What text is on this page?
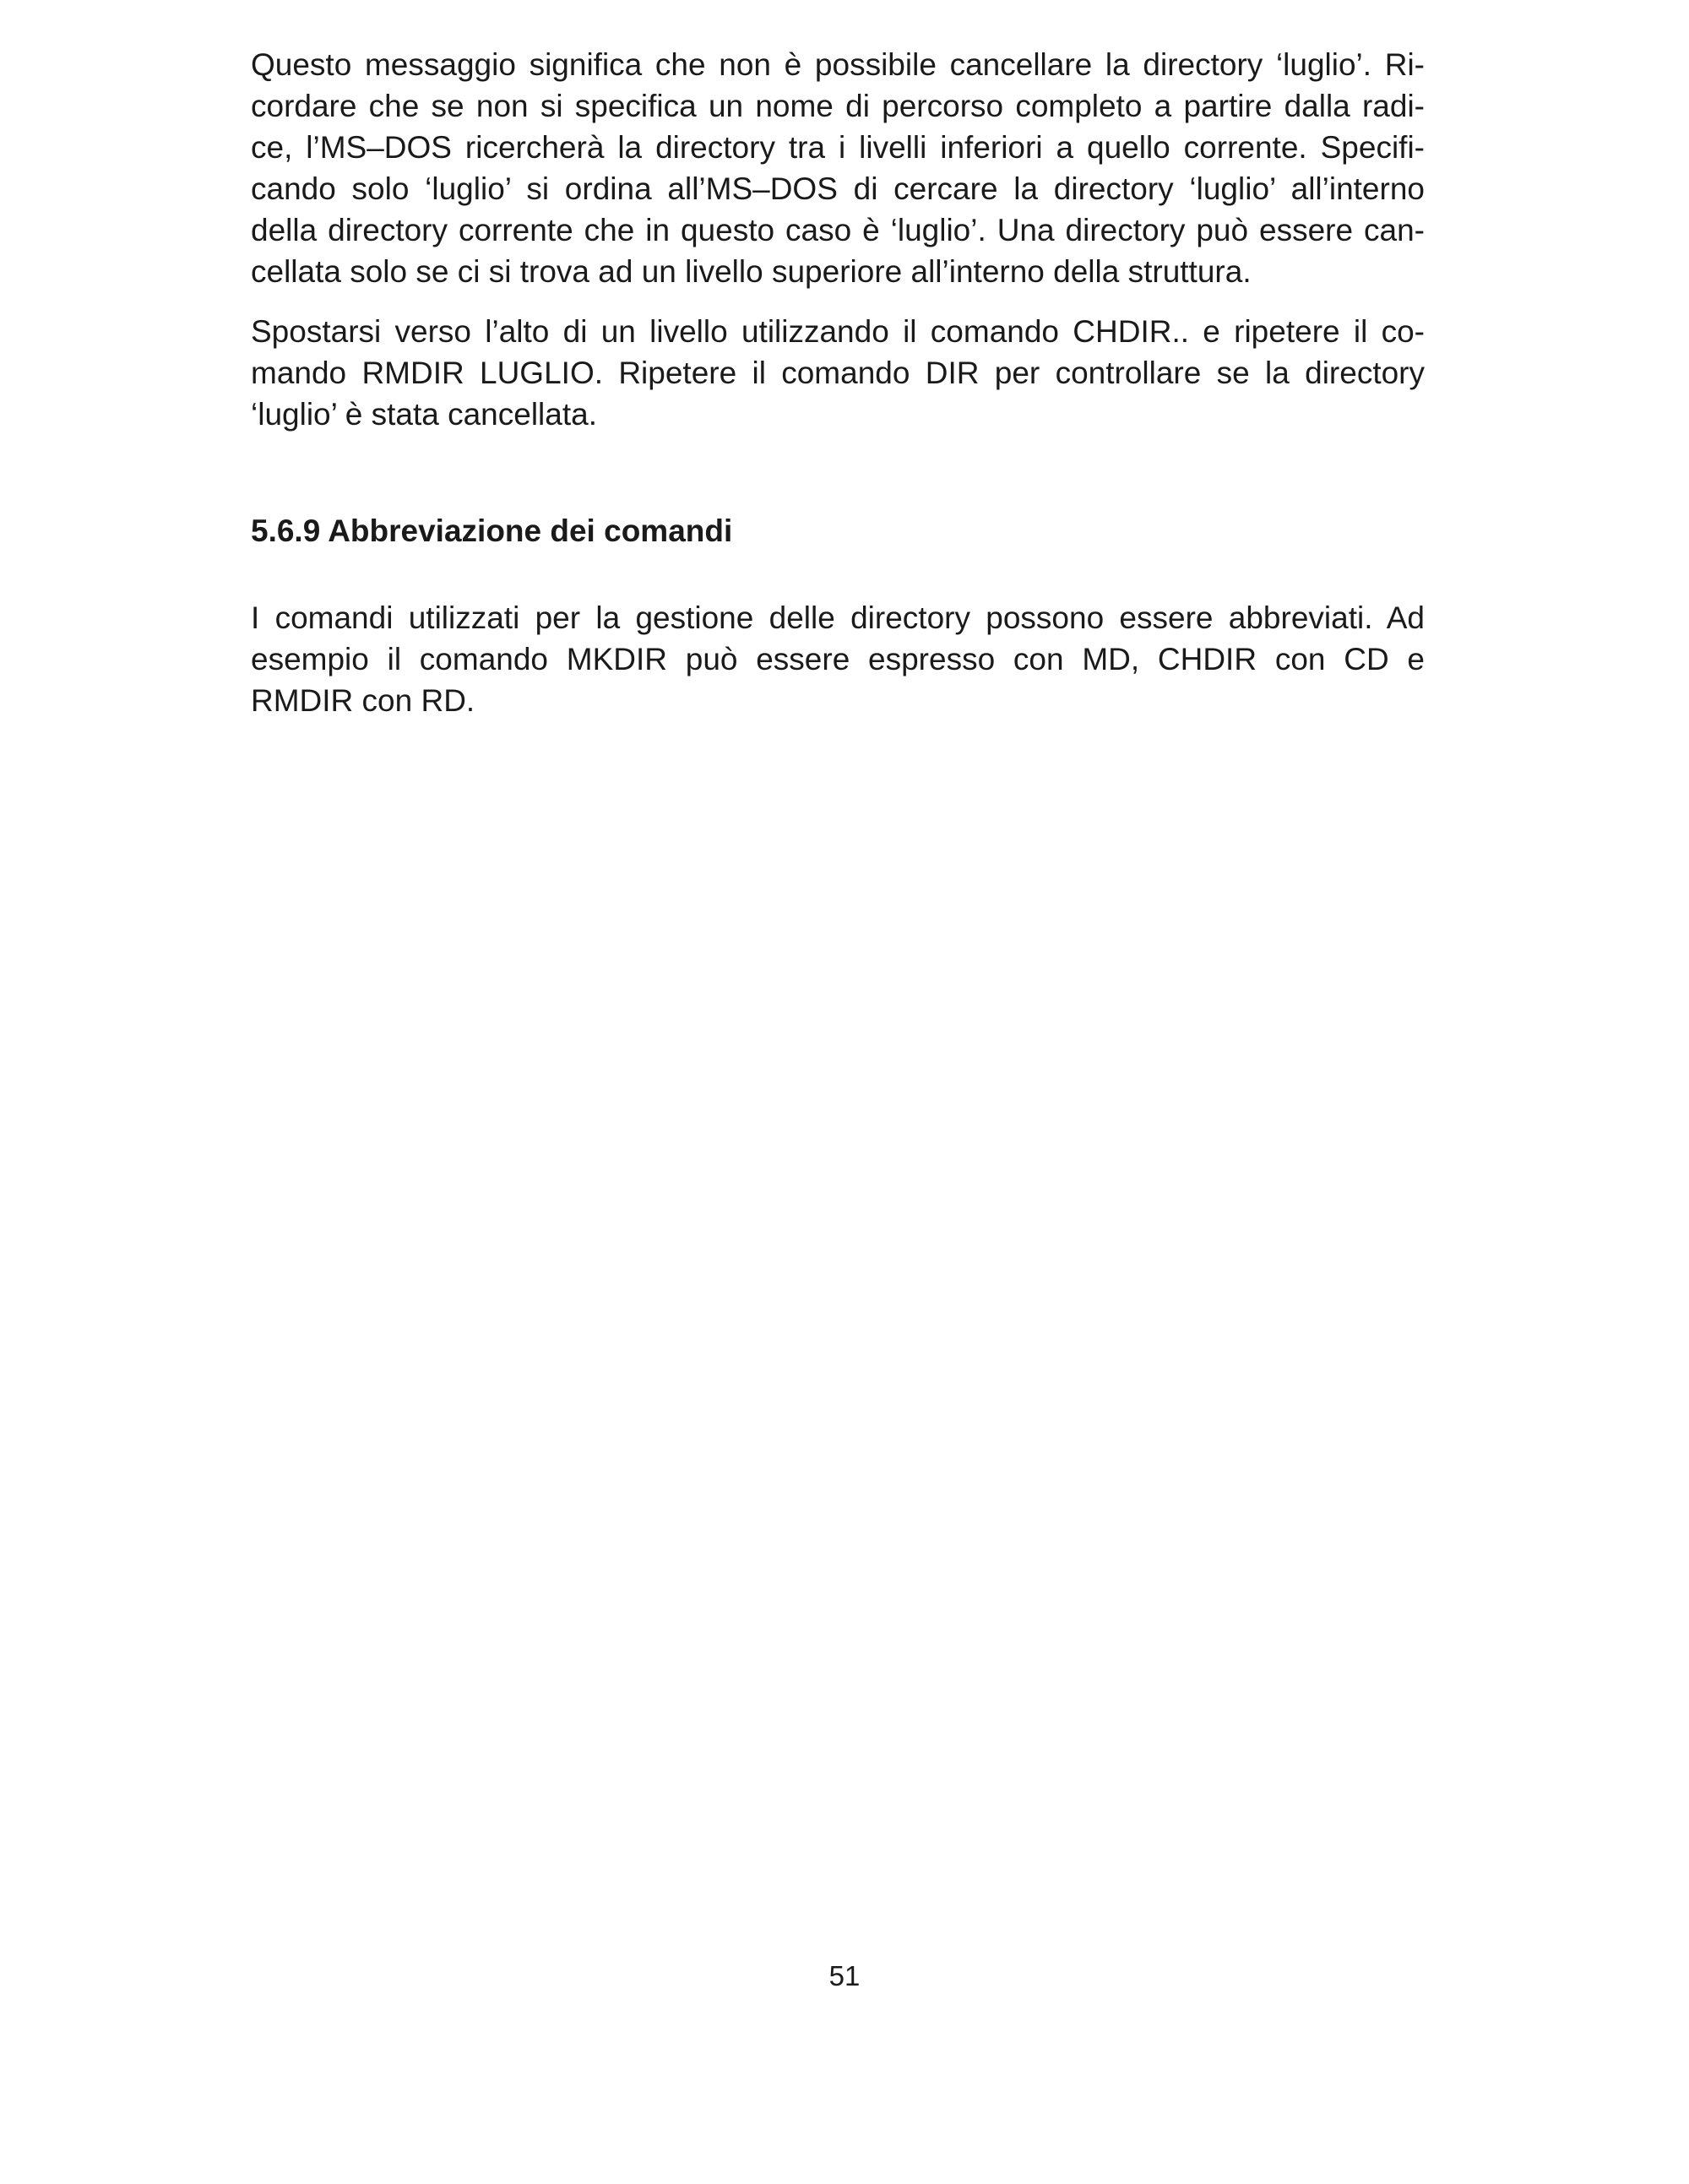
Questo messaggio significa che non è possibile cancellare la directory ‘luglio’. Ri-
cordare che se non si specifica un nome di percorso completo a partire dalla radi-
ce, l’MS–DOS ricercherà la directory tra i livelli inferiori a quello corrente. Specifi-
cando solo ‘luglio’ si ordina all’MS–DOS di cercare la directory ‘luglio’ all’interno
della directory corrente che in questo caso è ‘luglio’. Una directory può essere can-
cellata solo se ci si trova ad un livello superiore all’interno della struttura.
Spostarsi verso l’alto di un livello utilizzando il comando CHDIR.. e ripetere il co-
mando RMDIR LUGLIO. Ripetere il comando DIR per controllare se la directory
‘luglio’ è stata cancellata.
5.6.9 Abbreviazione dei comandi
I comandi utilizzati per la gestione delle directory possono essere abbreviati. Ad
esempio il comando MKDIR può essere espresso con MD, CHDIR con CD e
RMDIR con RD.
51
